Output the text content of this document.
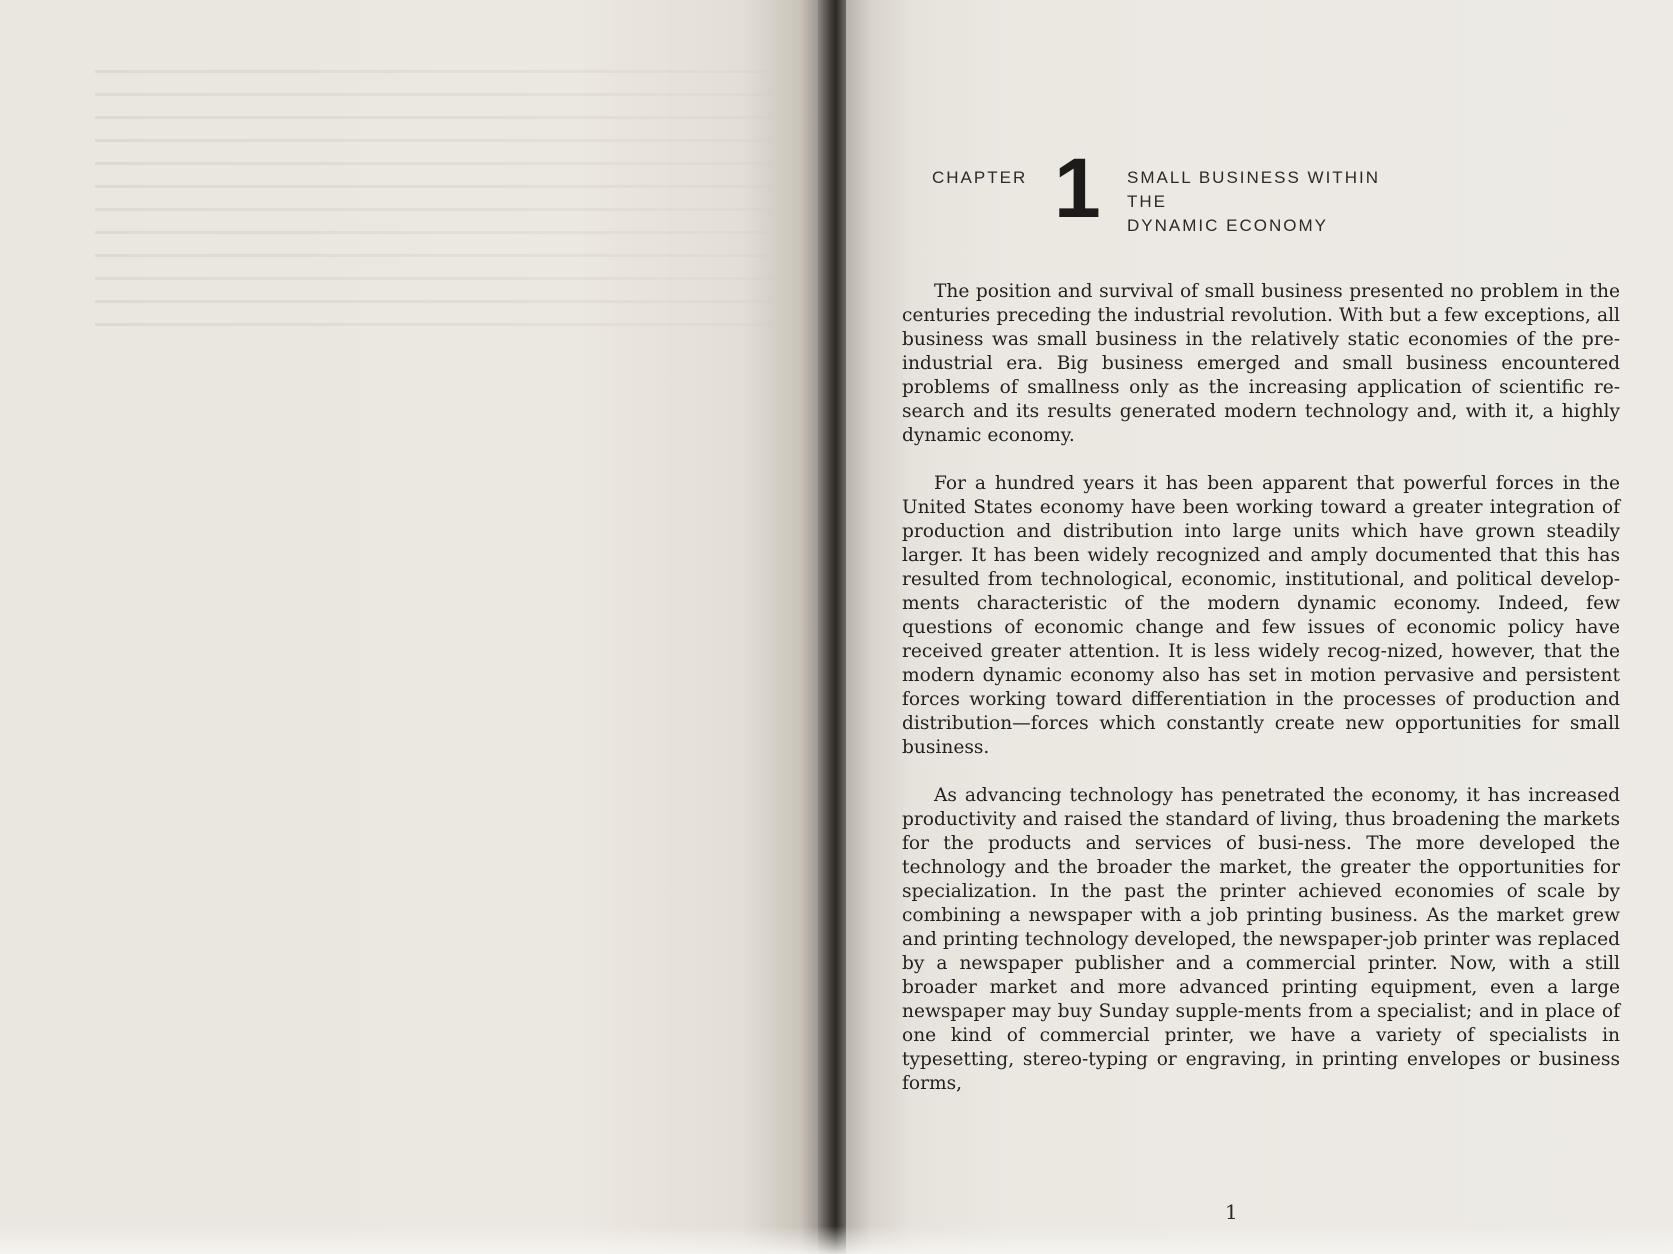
CHAPTER 1 SMALL BUSINESS WITHIN
THE
DYNAMIC ECONOMY

The position and survival of small business presented no problem in the centuries preceding the industrial revolution. With but a few exceptions, all business was small business in the relatively static economies of the pre-industrial era. Big business emerged and small business encountered problems of smallness only as the increasing application of scientific re-search and its results generated modern technology and, with it, a highly dynamic economy.

For a hundred years it has been apparent that powerful forces in the United States economy have been working toward a greater integration of production and distribution into large units which have grown steadily larger. It has been widely recognized and amply documented that this has resulted from technological, economic, institutional, and political develop-ments characteristic of the modern dynamic economy. Indeed, few questions of economic change and few issues of economic policy have received greater attention. It is less widely recog-nized, however, that the modern dynamic economy also has set in motion pervasive and persistent forces working toward differentiation in the processes of production and distribution—forces which constantly create new opportunities for small business.

As advancing technology has penetrated the economy, it has increased productivity and raised the standard of living, thus broadening the markets for the products and services of busi-ness. The more developed the technology and the broader the market, the greater the opportunities for specialization. In the past the printer achieved economies of scale by combining a newspaper with a job printing business. As the market grew and printing technology developed, the newspaper-job printer was replaced by a newspaper publisher and a commercial printer. Now, with a still broader market and more advanced printing equipment, even a large newspaper may buy Sunday supple-ments from a specialist; and in place of one kind of commercial printer, we have a variety of specialists in typesetting, stereo-typing or engraving, in printing envelopes or business forms,

1
